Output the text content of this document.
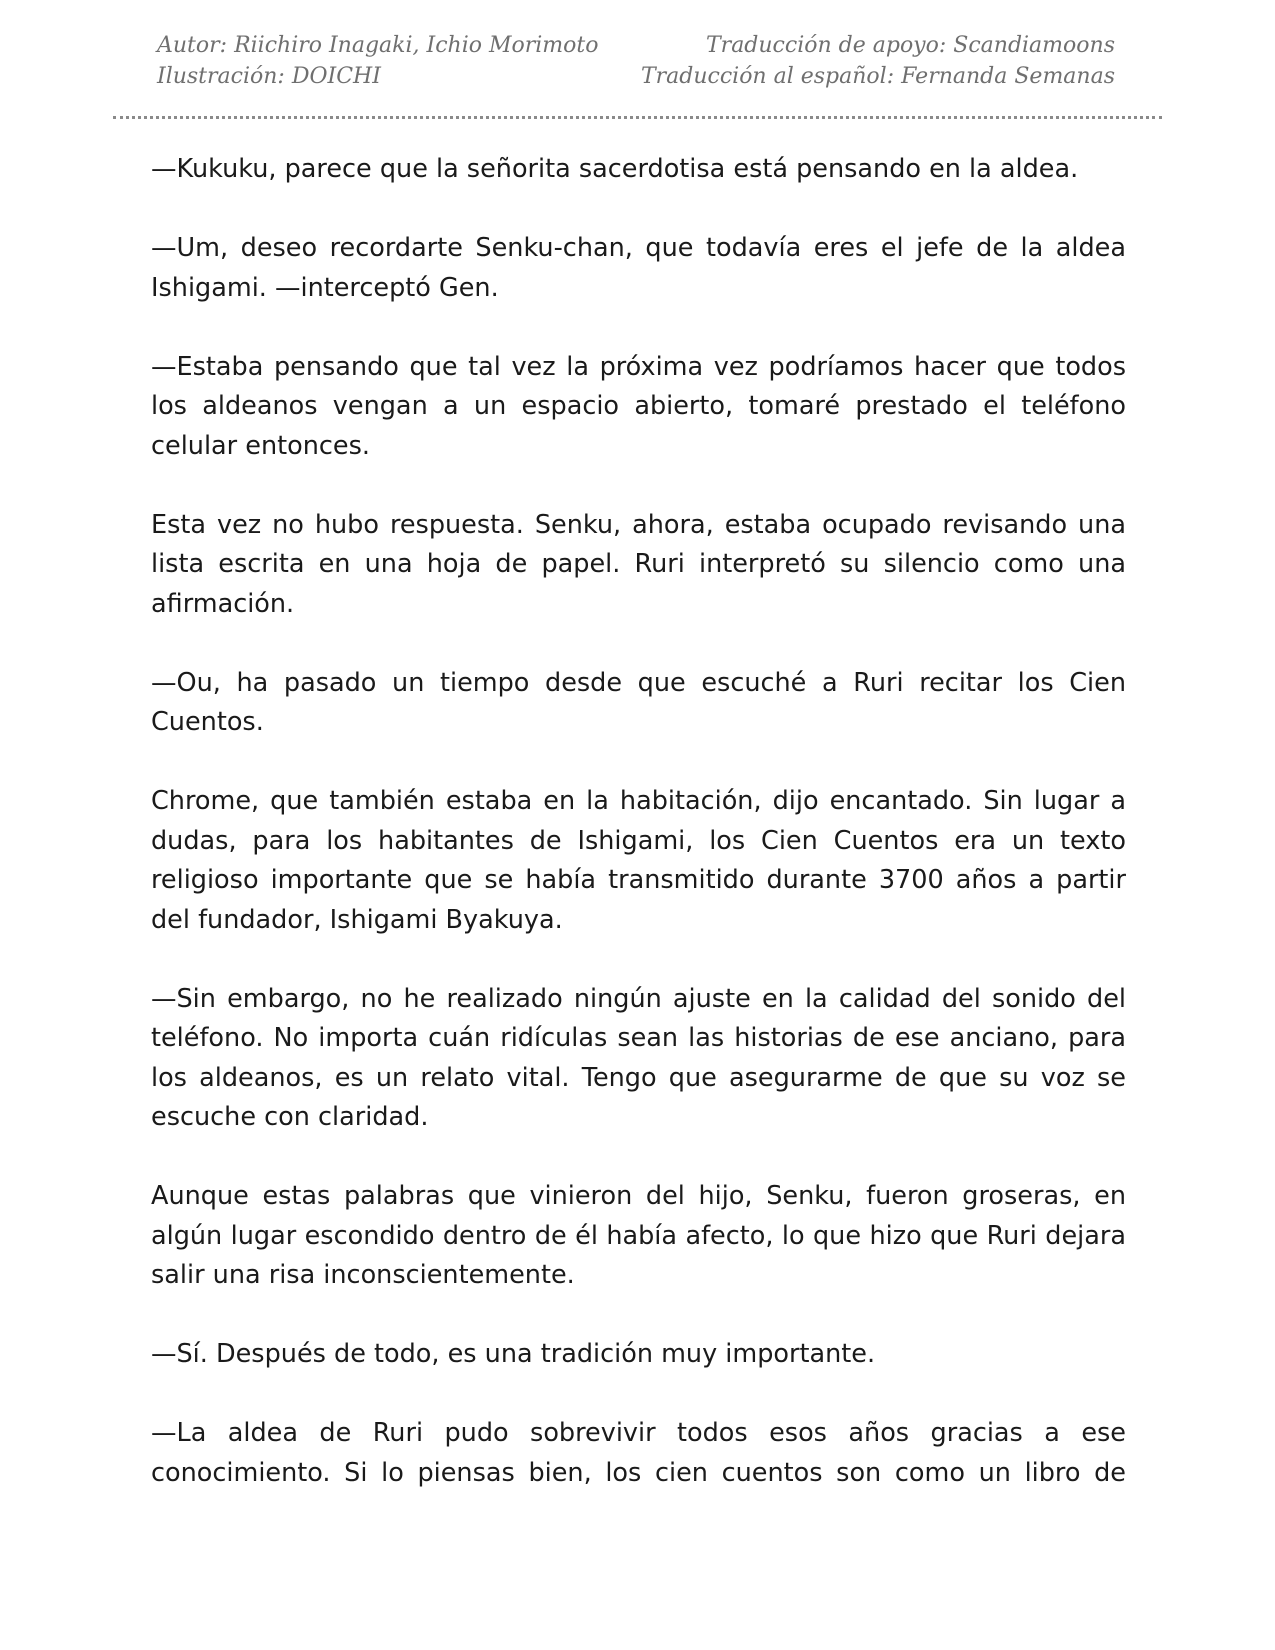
Autor: Riichiro Inagaki, Ichio Morimoto
Ilustración: DOICHI
Traducción de apoyo: Scandiamoons
Traducción al español: Fernanda Semanas

—Kukuku, parece que la señorita sacerdotisa está pensando en la aldea.

—Um, deseo recordarte Senku-chan, que todavía eres el jefe de la aldea Ishigami. —interceptó Gen.

—Estaba pensando que tal vez la próxima vez podríamos hacer que todos los aldeanos vengan a un espacio abierto, tomaré prestado el teléfono celular entonces.

Esta vez no hubo respuesta. Senku, ahora, estaba ocupado revisando una lista escrita en una hoja de papel. Ruri interpretó su silencio como una afirmación.

—Ou, ha pasado un tiempo desde que escuché a Ruri recitar los Cien Cuentos.

Chrome, que también estaba en la habitación, dijo encantado. Sin lugar a dudas, para los habitantes de Ishigami, los Cien Cuentos era un texto religioso importante que se había transmitido durante 3700 años a partir del fundador, Ishigami Byakuya.

—Sin embargo, no he realizado ningún ajuste en la calidad del sonido del teléfono. No importa cuán ridículas sean las historias de ese anciano, para los aldeanos, es un relato vital. Tengo que asegurarme de que su voz se escuche con claridad.

Aunque estas palabras que vinieron del hijo, Senku, fueron groseras, en algún lugar escondido dentro de él había afecto, lo que hizo que Ruri dejara salir una risa inconscientemente.

—Sí. Después de todo, es una tradición muy importante.

—La aldea de Ruri pudo sobrevivir todos esos años gracias a ese conocimiento. Si lo piensas bien, los cien cuentos son como un libro de
